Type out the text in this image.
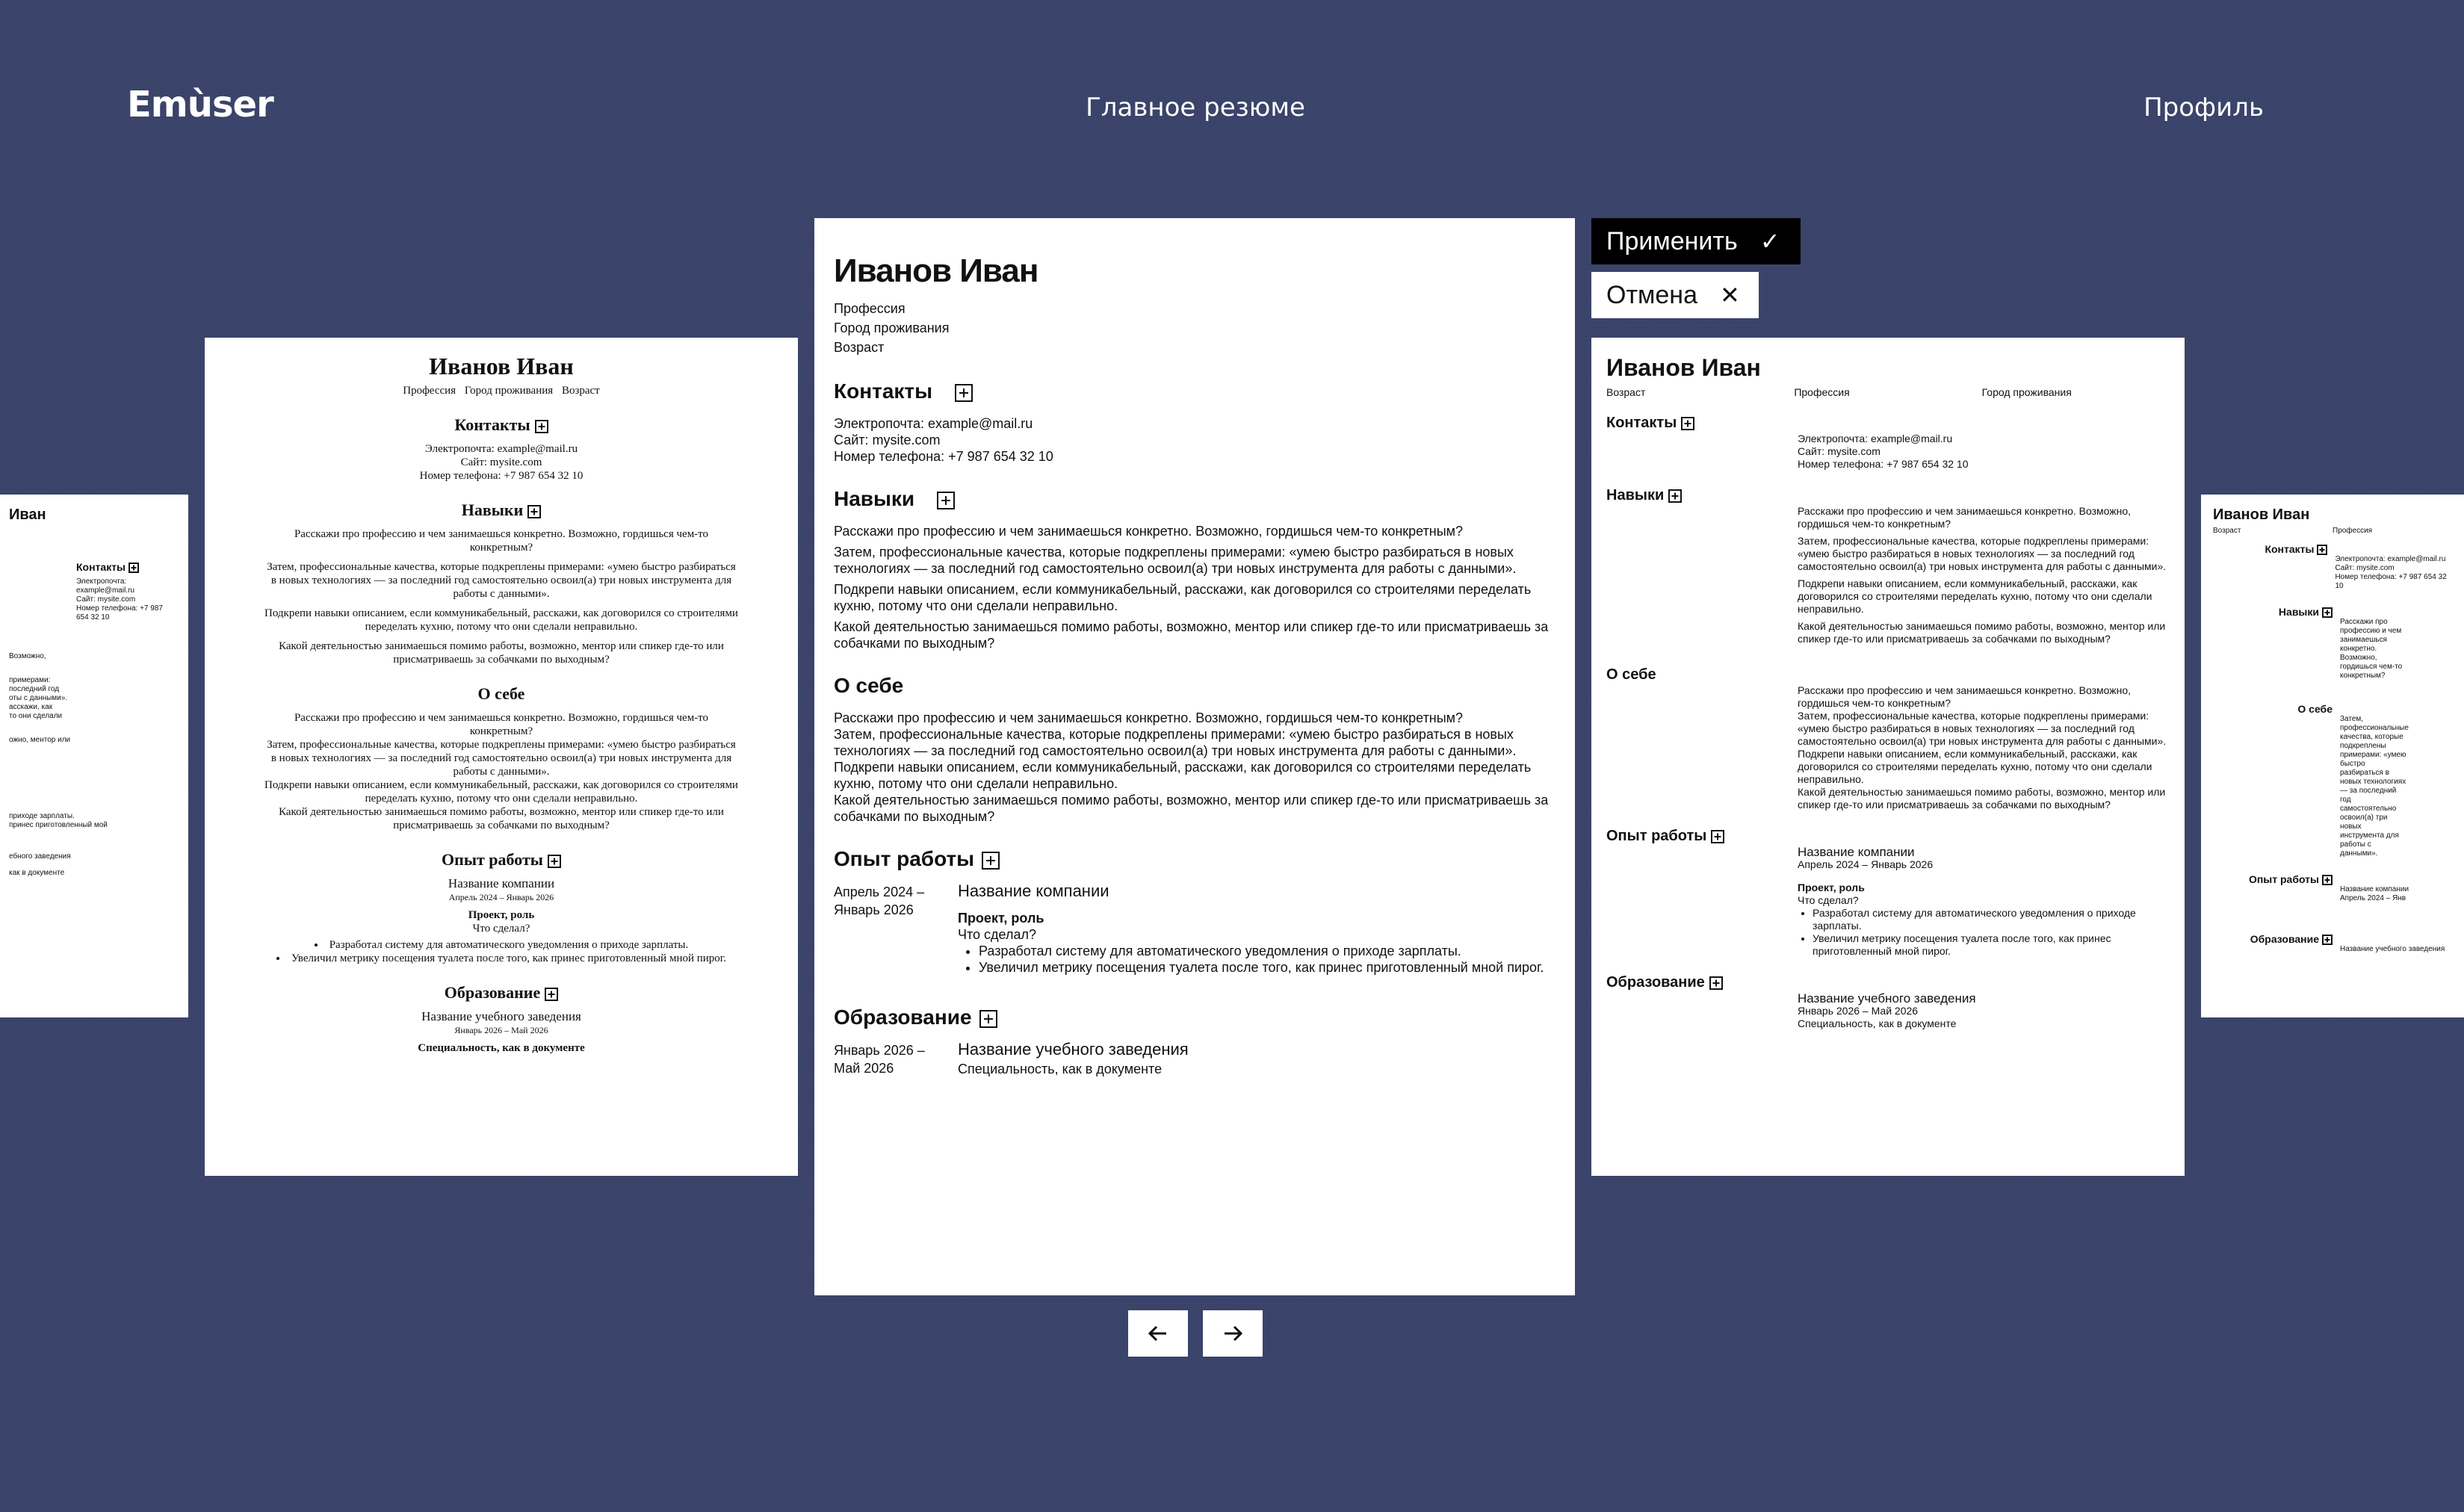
Emùser	Главное резюме	Профиль
Иван
Контакты
Электропочта: example@mail.ru
Сайт: mysite.com
Номер телефона: +7 987 654 32 10
Возможно,
примерами:
последний год
оты с данными».
асскажи, как
то они сделали
ожно, ментор или
приходе зарплаты.
принес приготовленный мой
ебного заведения
как в документе
Иванов Иван
Профессия Город проживания Возраст
Контакты
Электропочта: example@mail.ru
Сайт: mysite.com
Номер телефона: +7 987 654 32 10
Навыки
Расскажи про профессию и чем занимаешься конкретно. Возможно, гордишься чем-то конкретным?
Затем, профессиональные качества, которые подкреплены примерами: «умею быстро разбираться в новых технологиях — за последний год самостоятельно освоил(а) три новых инструмента для работы с данными».
Подкрепи навыки описанием, если коммуникабельный, расскажи, как договорился со строителями переделать кухню, потому что они сделали неправильно.
Какой деятельностью занимаешься помимо работы, возможно, ментор или спикер где-то или присматриваешь за собачками по выходным?
О себе
Расскажи про профессию и чем занимаешься конкретно. Возможно, гордишься чем-то конкретным?
Затем, профессиональные качества, которые подкреплены примерами: «умею быстро разбираться в новых технологиях — за последний год самостоятельно освоил(а) три новых инструмента для работы с данными».
Подкрепи навыки описанием, если коммуникабельный, расскажи, как договорился со строителями переделать кухню, потому что они сделали неправильно.
Какой деятельностью занимаешься помимо работы, возможно, ментор или спикер где-то или присматриваешь за собачками по выходным?
Опыт работы
Название компании
Апрель 2024 – Январь 2026
Проект, роль
Что сделал?
• Разработал систему для автоматического уведомления о приходе зарплаты.
• Увеличил метрику посещения туалета после того, как принес приготовленный мной пирог.
Образование
Название учебного заведения
Январь 2026 – Май 2026
Специальность, как в документе
Иванов Иван
Профессия
Город проживания
Возраст
Контакты
Электропочта: example@mail.ru
Сайт: mysite.com
Номер телефона: +7 987 654 32 10
Навыки
Расскажи про профессию и чем занимаешься конкретно. Возможно, гордишься чем-то конкретным?
Затем, профессиональные качества, которые подкреплены примерами: «умею быстро разбираться в новых технологиях — за последний год самостоятельно освоил(а) три новых инструмента для работы с данными».
Подкрепи навыки описанием, если коммуникабельный, расскажи, как договорился со строителями переделать кухню, потому что они сделали неправильно.
Какой деятельностью занимаешься помимо работы, возможно, ментор или спикер где-то или присматриваешь за собачками по выходным?
О себе
Расскажи про профессию и чем занимаешься конкретно. Возможно, гордишься чем-то конкретным?
Затем, профессиональные качества, которые подкреплены примерами: «умею быстро разбираться в новых технологиях — за последний год самостоятельно освоил(а) три новых инструмента для работы с данными».
Подкрепи навыки описанием, если коммуникабельный, расскажи, как договорился со строителями переделать кухню, потому что они сделали неправильно.
Какой деятельностью занимаешься помимо работы, возможно, ментор или спикер где-то или присматриваешь за собачками по выходным?
Опыт работы
Апрель 2024 –
Январь 2026
Название компании
Проект, роль
Что сделал?
• Разработал систему для автоматического уведомления о приходе зарплаты.
• Увеличил метрику посещения туалета после того, как принес приготовленный мной пирог.
Образование
Январь 2026 –
Май 2026
Название учебного заведения
Специальность, как в документе
Иванов Иван
Возраст	Профессия	Город проживания
Контакты
Электропочта: example@mail.ru
Сайт: mysite.com
Номер телефона: +7 987 654 32 10
Навыки
Расскажи про профессию и чем занимаешься конкретно. Возможно, гордишься чем-то конкретным?
Затем, профессиональные качества, которые подкреплены примерами: «умею быстро разбираться в новых технологиях — за последний год самостоятельно освоил(а) три новых инструмента для работы с данными».
Подкрепи навыки описанием, если коммуникабельный, расскажи, как договорился со строителями переделать кухню, потому что они сделали неправильно.
Какой деятельностью занимаешься помимо работы, возможно, ментор или спикер где-то или присматриваешь за собачками по выходным?
О себе
Расскажи про профессию и чем занимаешься конкретно. Возможно, гордишься чем-то конкретным?
Затем, профессиональные качества, которые подкреплены примерами: «умею быстро разбираться в новых технологиях — за последний год самостоятельно освоил(а) три новых инструмента для работы с данными».
Подкрепи навыки описанием, если коммуникабельный, расскажи, как договорился со строителями переделать кухню, потому что они сделали неправильно.
Какой деятельностью занимаешься помимо работы, возможно, ментор или спикер где-то или присматриваешь за собачками по выходным?
Опыт работы
Название компании
Апрель 2024 – Январь 2026
Проект, роль
Что сделал?
• Разработал систему для автоматического уведомления о приходе зарплаты.
• Увеличил метрику посещения туалета после того, как принес приготовленный мной пирог.
Образование
Название учебного заведения
Январь 2026 – Май 2026
Специальность, как в документе
Иванов Иван
Возраст	Профессия
Контакты
Электропочта: example@mail.ru
Сайт: mysite.com
Номер телефона: +7 987 654 32 10
Навыки
Расскажи про профессию и чем занимаешься конкретно. Возможно, гордишься чем-то конкретным?
О себе
Затем, профессиональные качества, которые подкреплены примерами: «умею быстро разбираться в новых технологиях — за последний год самостоятельно освоил(а) три новых инструмента для работы с данными».
Опыт работы
Название компании
Апрель 2024 – Янв
Образование
Название учебного заведения
Применить ✓
Отмена ✕
